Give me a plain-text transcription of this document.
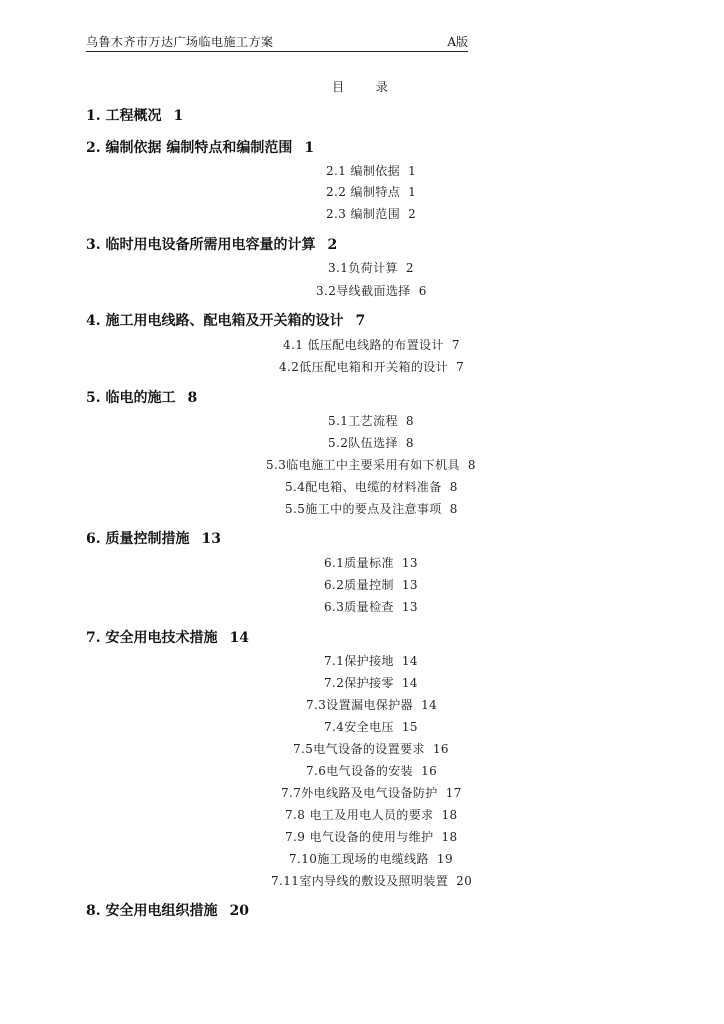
乌鲁木齐市万达广场临电施工方案	A版
目 录
1. 工程概况 1
2. 编制依据 编制特点和编制范围 1
2.1 编制依据 1
2.2 编制特点 1
2.3 编制范围 2
3. 临时用电设备所需用电容量的计算 2
3.1负荷计算 2
3.2导线截面选择 6
4. 施工用电线路、配电箱及开关箱的设计 7
4.1 低压配电线路的布置设计 7
4.2低压配电箱和开关箱的设计 7
5. 临电的施工 8
5.1工艺流程 8
5.2队伍选择 8
5.3临电施工中主要采用有如下机具 8
5.4配电箱、电缆的材料准备 8
5.5施工中的要点及注意事项 8
6. 质量控制措施 13
6.1质量标准 13
6.2质量控制 13
6.3质量检查 13
7. 安全用电技术措施 14
7.1保护接地 14
7.2保护接零 14
7.3设置漏电保护器 14
7.4安全电压 15
7.5电气设备的设置要求 16
7.6电气设备的安装 16
7.7外电线路及电气设备防护 17
7.8 电工及用电人员的要求 18
7.9 电气设备的使用与维护 18
7.10施工现场的电缆线路 19
7.11室内导线的敷设及照明装置 20
8. 安全用电组织措施 20
